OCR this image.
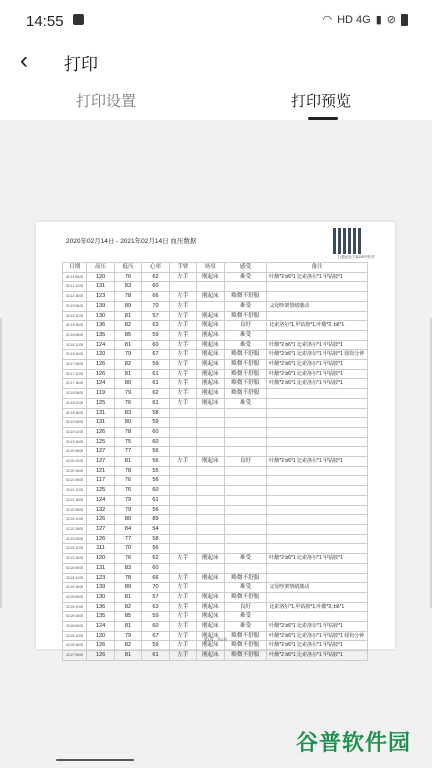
14:55	◠ HD 4G ▮ ⊘
‹ 打印
打印设置	打印预览
2020年02月14日 - 2021年02月14日 血压数据
扫描此处下载ZAPP软件
日期	高压	低压	心率	手臂	场景	感受	备注
02-14 08:00	120	76	62	左手	刚起床	难受	叶酸*2 b6*1 比索洛尔*1 甲钴胺*1
02-14 12:00	131	83	60				
02-14 18:00	123	78	66	左手	刚起床	略微不舒服	
02-15 08:00	139	89	70	左手		难受	父母吵架情绪激动
02-15 12:00	130	81	57	左手	刚起床	略微不舒服	
02-15 18:00	136	82	63	左手	刚起床	良好	比索洛尔*1,甲钴胺*1,叶酸*2, b6*1
02-16 08:00	135	85	59	左手	刚起床	难受	
02-16 12:00	124	81	60	左手	刚起床	难受	叶酸*2 b6*1 比索洛尔*1 甲钴胺*1
02-16 18:00	120	79	67	左手	刚起床	略微不舒服	叶酸*2 b6*1 比索洛尔*1 甲钴胺*1 厘钩分钟
02-17 08:00	126	82	59	左手	刚起床	略微不舒服	叶酸*2 b6*1 比索洛尔*1 甲钴胺*1
02-17 12:00	126	81	61	左手	刚起床	略微不舒服	叶酸*2 b6*1 比索洛尔*1 甲钴胺*1
02-17 18:00	124	80	61	左手	刚起床	略微不舒服	叶酸*2 b6*1 比索洛尔*1 甲钴胺*1
02-18 08:00	119	79	62	左手	刚起床	略微不舒服	
02-18 12:00	125	76	61	左手	刚起床	难受	
02-18 18:00	131	83	58				
02-19 08:00	131	80	59				
02-19 12:00	126	78	60				
02-19 18:00	125	75	60				
02-20 08:00	127	77	56				
02-20 12:00	127	81	56	左手	刚起床	良好	叶酸*2 b6*1 比索洛尔*1 甲钴胺*1
02-20 18:00	121	78	55				
02-21 08:00	117	76	56				
02-21 12:00	125	76	60				
02-21 18:00	124	79	61				
02-22 08:00	132	79	56				
02-22 12:00	126	80	89				
02-22 18:00	127	84	54				
02-23 08:00	126	77	58				
02-23 12:00	111	70	56				
02-23 18:00	120	76	62	左手	刚起床	难受	叶酸*2 b6*1 比索洛尔*1 甲钴胺*1
02-24 08:00	131	83	60				
02-24 12:00	123	78	66	左手	刚起床	略微不舒服	
02-24 18:00	139	89	70	左手		难受	父母吵架情绪激动
02-25 08:00	130	81	57	左手	刚起床	略微不舒服	
02-25 12:00	136	82	63	左手	刚起床	良好	比索洛尔*1,甲钴胺*1,叶酸*2, b6*1
02-25 18:00	135	85	59	左手	刚起床	难受	
02-26 08:00	124	81	60	左手	刚起床	难受	叶酸*2 b6*1 比索洛尔*1 甲钴胺*1
02-26 12:00	120	79	67	左手	刚起床	略微不舒服	叶酸*2 b6*1 比索洛尔*1 甲钴胺*1 厘钩分钟
02-26 18:00	126	82	59	左手	刚起床	略微不舒服	叶酸*2 b6*1 比索洛尔*1 甲钴胺*1
02-27 08:00	126	81	61	左手	刚起床	略微不舒服	叶酸*2 b6*1 比索洛尔*1 甲钴胺*1
第1页，共2页
谷普软件园
